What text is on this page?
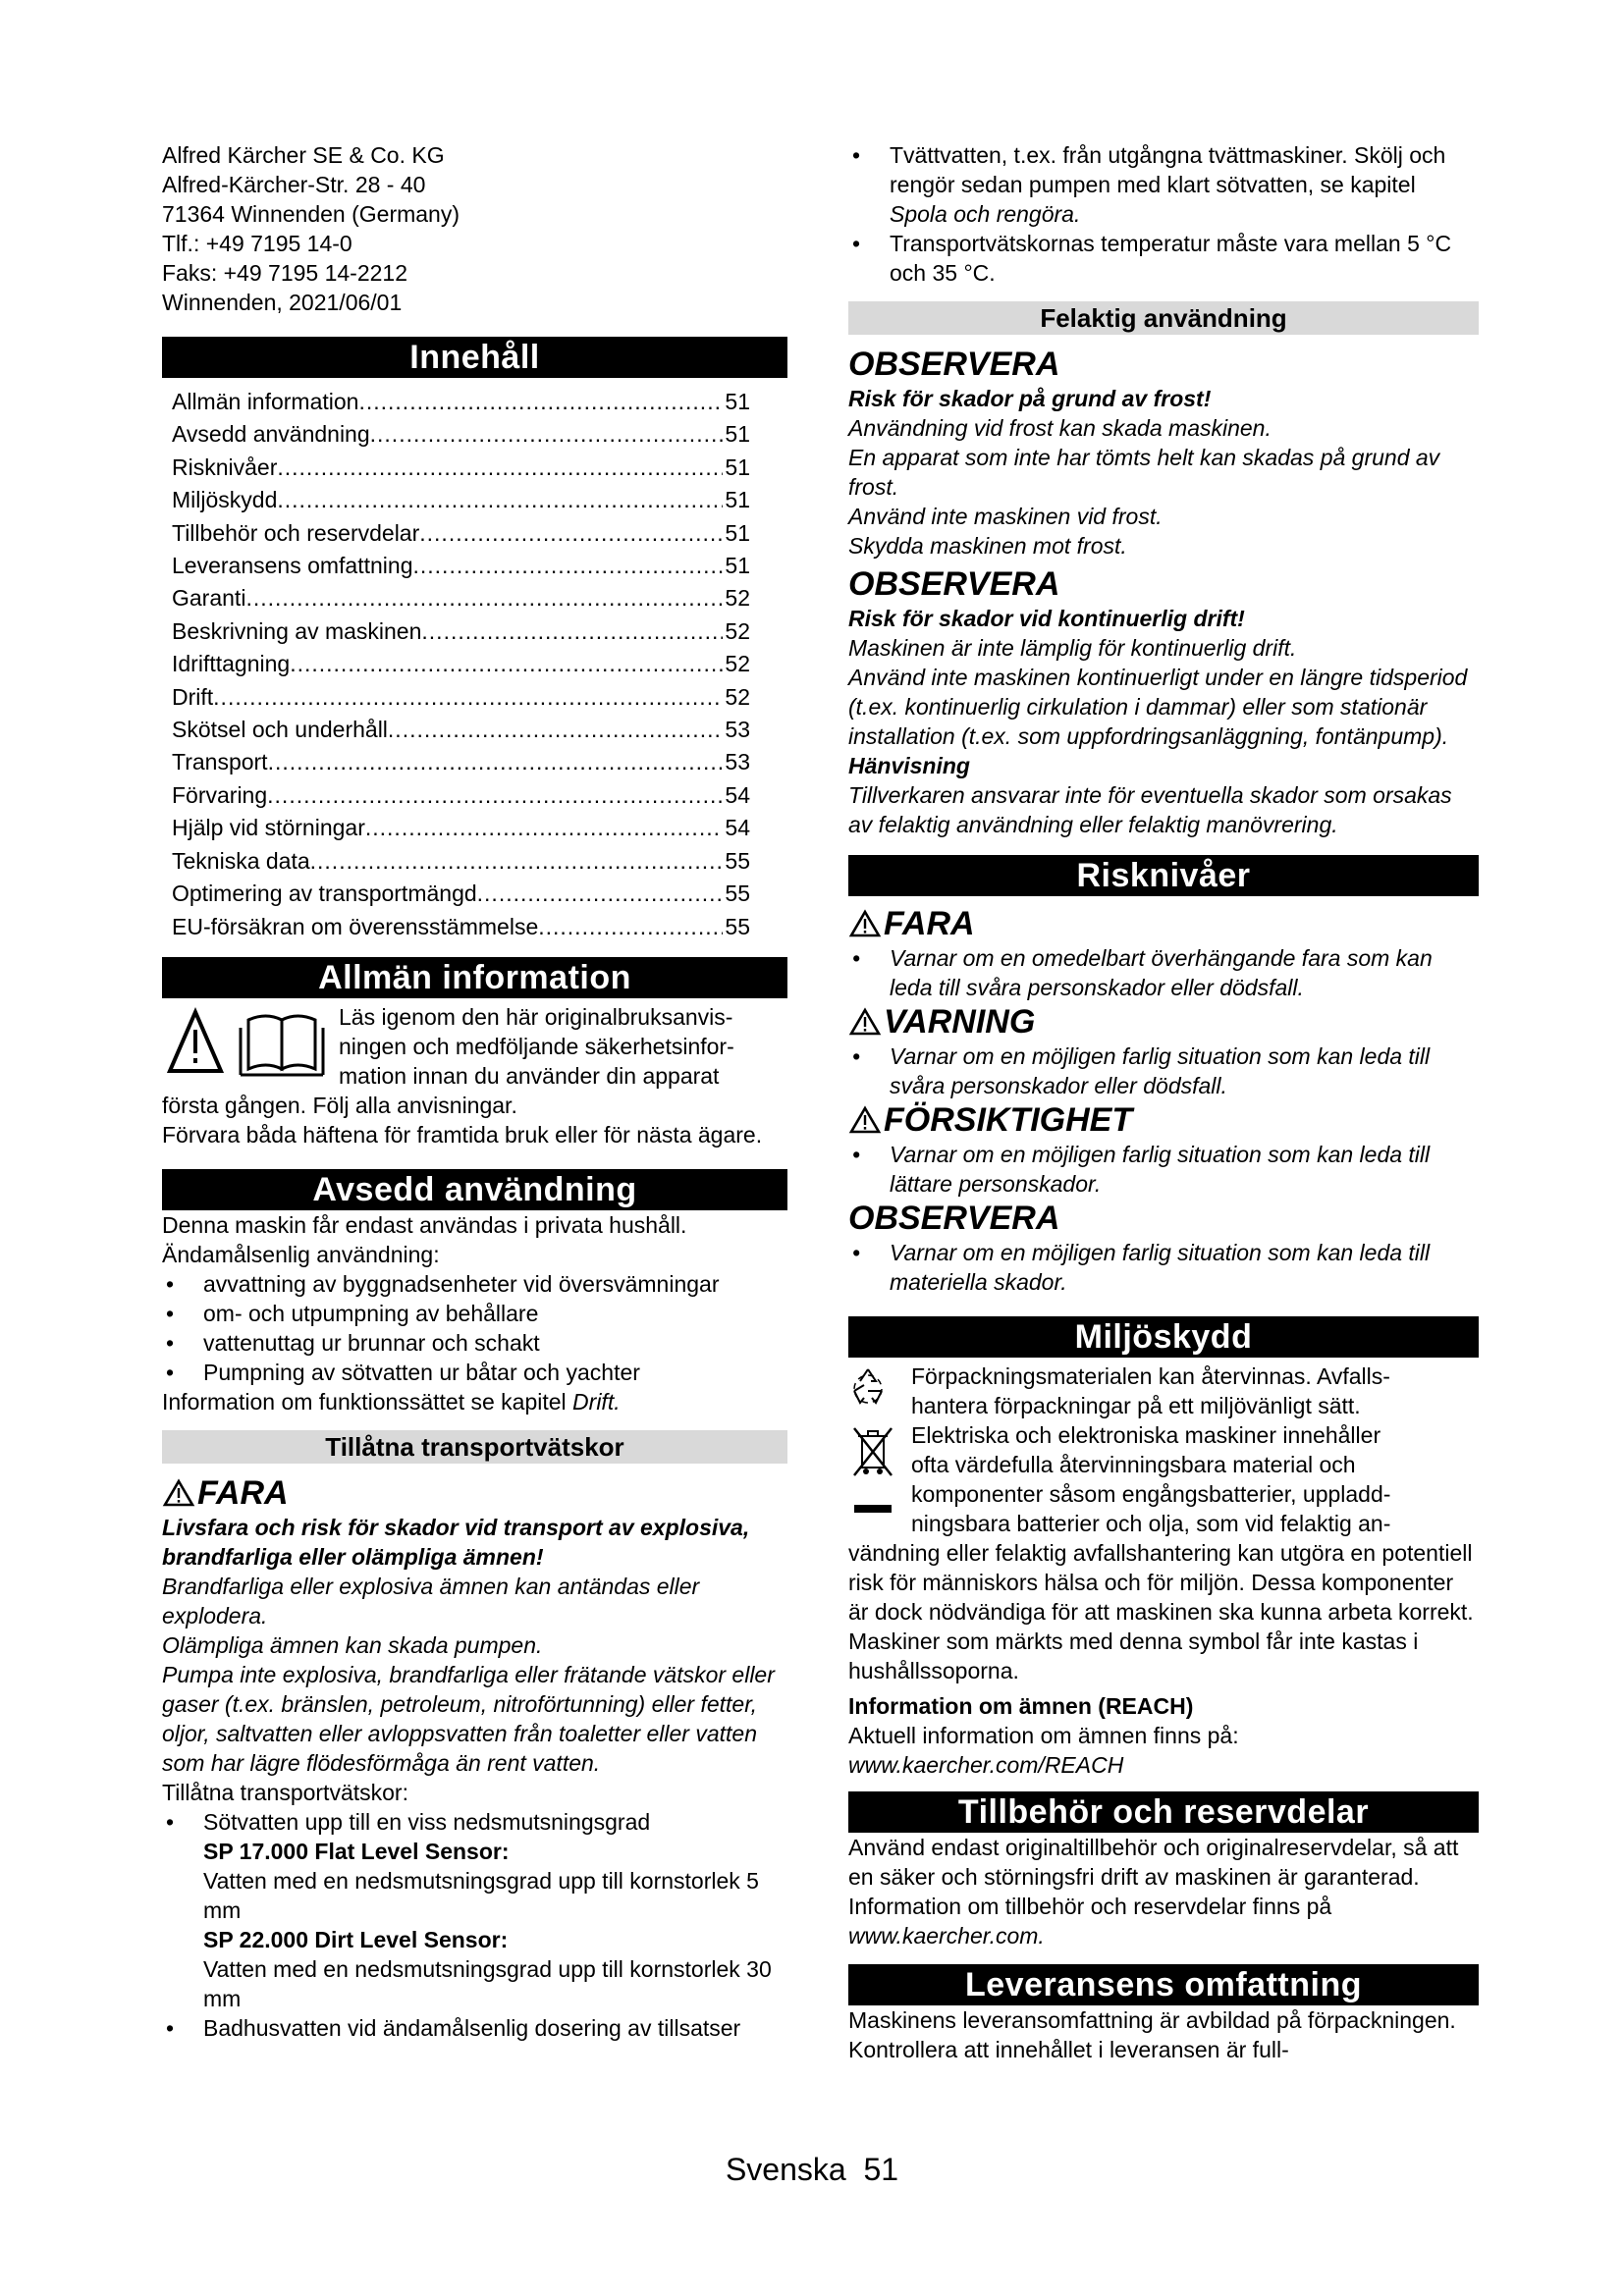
Alfred Kärcher SE & Co. KG

Alfred-Kärcher-Str. 28 - 40

71364 Winnenden (Germany)

Tlf.: +49 7195 14-0

Faks: +49 7195 14-2212

Winnenden, 2021/06/01

Innehåll
Allmän information .....	51
Avsedd användning .....	51
Risknivåer .....	51
Miljöskydd .....	51
Tillbehör och reservdelar .....	51
Leveransens omfattning .....	51
Garanti .....	52
Beskrivning av maskinen .....	52
Idrifttagning .....	52
Drift .....	52
Skötsel och underhåll .....	53
Transport .....	53
Förvaring .....	54
Hjälp vid störningar .....	54
Tekniska data .....	55
Optimering av transportmängd .....	55
EU-försäkran om överensstämmelse .....	55
Allmän information

Läs igenom den här originalbruksanvis-

ningen och medföljande säkerhetsinfor-

mation innan du använder din apparat

första gången. Följ alla anvisningar.

Förvara båda häftena för framtida bruk eller för nästa ägare.

Avsedd användning

Denna maskin får endast användas i privata hushåll.

Ändamålsenlig användning:

• avvattning av byggnadsenheter vid översvämningar
• om- och utpumpning av behållare
• vattenuttag ur brunnar och schakt
• Pumpning av sötvatten ur båtar och yachter

Information om funktionssättet se kapitel Drift.

Tillåtna transportvätskor
FARA

Livsfara och risk för skador vid transport av explosiva, brandfarliga eller olämpliga ämnen!

Brandfarliga eller explosiva ämnen kan antändas eller explodera.

Olämpliga ämnen kan skada pumpen.

Pumpa inte explosiva, brandfarliga eller frätande vätskor eller gaser (t.ex. bränslen, petroleum, nitroförtunning) eller fetter, oljor, saltvatten eller avloppsvatten från toaletter eller vatten som har lägre flödesförmåga än rent vatten.

Tillåtna transportvätskor:

• Sötvatten upp till en viss nedsmutsningsgrad
SP 17.000 Flat Level Sensor:
Vatten med en nedsmutsningsgrad upp till kornstorlek 5 mm
SP 22.000 Dirt Level Sensor:
Vatten med en nedsmutsningsgrad upp till kornstorlek 30 mm
• Badhusvatten vid ändamålsenlig dosering av tillsatser
• Tvättvatten, t.ex. från utgångna tvättmaskiner. Skölj och rengör sedan pumpen med klart sötvatten, se kapitel Spola och rengöra.
• Transportvätskornas temperatur måste vara mellan 5 °C och 35 °C.
Felaktig användning
OBSERVERA

Risk för skador på grund av frost!

Användning vid frost kan skada maskinen.

En apparat som inte har tömts helt kan skadas på grund av frost.

Använd inte maskinen vid frost.

Skydda maskinen mot frost.

OBSERVERA

Risk för skador vid kontinuerlig drift!

Maskinen är inte lämplig för kontinuerlig drift.

Använd inte maskinen kontinuerligt under en längre tidsperiod (t.ex. kontinuerlig cirkulation i dammar) eller som stationär installation (t.ex. som uppfordringsanläggning, fontänpump).

Hänvisning

Tillverkaren ansvarar inte för eventuella skador som orsakas av felaktig användning eller felaktig manövrering.

Risknivåer
FARA
• Varnar om en omedelbart överhängande fara som kan leda till svåra personskador eller dödsfall.
VARNING
• Varnar om en möjligen farlig situation som kan leda till svåra personskador eller dödsfall.
FÖRSIKTIGHET
• Varnar om en möjligen farlig situation som kan leda till lättare personskador.
OBSERVERA
• Varnar om en möjligen farlig situation som kan leda till materiella skador.
Miljöskydd

Förpackningsmaterialen kan återvinnas. Avfalls-

hantera förpackningar på ett miljövänligt sätt.

Elektriska och elektroniska maskiner innehåller

ofta värdefulla återvinningsbara material och

komponenter såsom engångsbatterier, uppladd-

ningsbara batterier och olja, som vid felaktig an-

vändning eller felaktig avfallshantering kan utgöra en potentiell risk för människors hälsa och för miljön. Dessa komponenter är dock nödvändiga för att maskinen ska kunna arbeta korrekt. Maskiner som märkts med denna symbol får inte kastas i hushållssoporna.

Information om ämnen (REACH)

Aktuell information om ämnen finns på: www.kaercher.com/REACH

Tillbehör och reservdelar

Använd endast originaltillbehör och originalreservdelar, så att en säker och störningsfri drift av maskinen är garanterad.

Information om tillbehör och reservdelar finns på www.kaercher.com.

Leveransens omfattning

Maskinens leveransomfattning är avbildad på förpackningen. Kontrollera att innehållet i leveransen är full-

Svenska  51
